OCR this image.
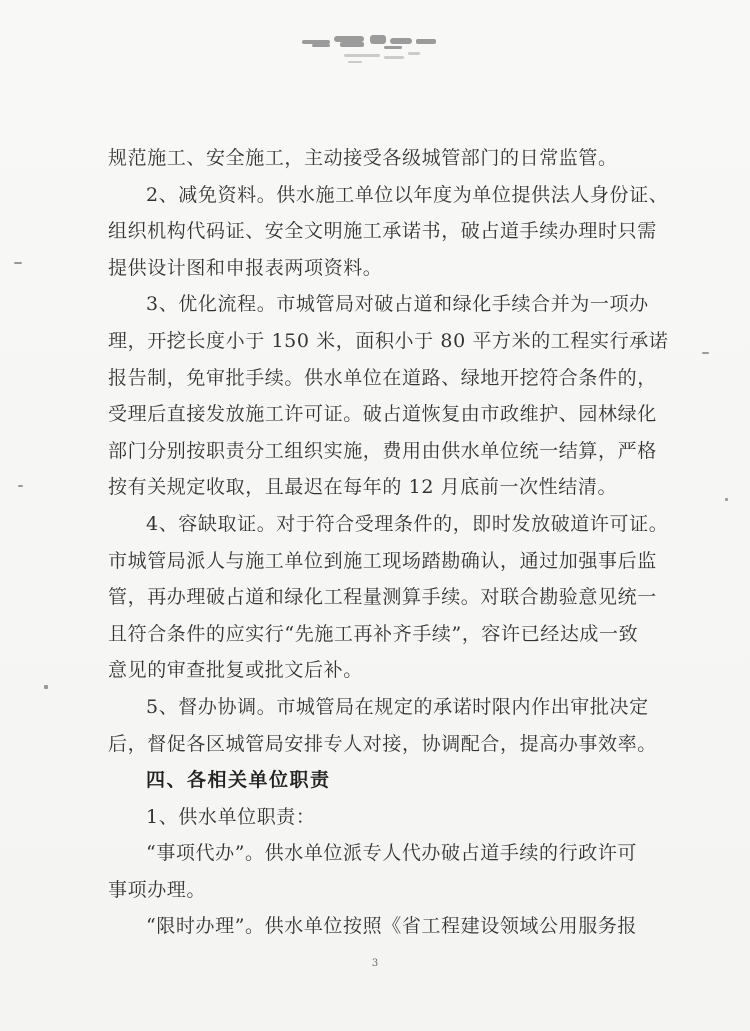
规范施工、安全施工，主动接受各级城管部门的日常监管。
2、减免资料。供水施工单位以年度为单位提供法人身份证、
组织机构代码证、安全文明施工承诺书，破占道手续办理时只需
提供设计图和申报表两项资料。
3、优化流程。市城管局对破占道和绿化手续合并为一项办
理，开挖长度小于 150 米，面积小于 80 平方米的工程实行承诺
报告制，免审批手续。供水单位在道路、绿地开挖符合条件的，
受理后直接发放施工许可证。破占道恢复由市政维护、园林绿化
部门分别按职责分工组织实施，费用由供水单位统一结算，严格
按有关规定收取，且最迟在每年的 12 月底前一次性结清。
4、容缺取证。对于符合受理条件的，即时发放破道许可证。
市城管局派人与施工单位到施工现场踏勘确认，通过加强事后监
管，再办理破占道和绿化工程量测算手续。对联合勘验意见统一
且符合条件的应实行“先施工再补齐手续”，容许已经达成一致
意见的审查批复或批文后补。
5、督办协调。市城管局在规定的承诺时限内作出审批决定
后，督促各区城管局安排专人对接，协调配合，提高办事效率。
四、各相关单位职责
1、供水单位职责：
“事项代办”。供水单位派专人代办破占道手续的行政许可
事项办理。
“限时办理”。供水单位按照《省工程建设领域公用服务报
3
